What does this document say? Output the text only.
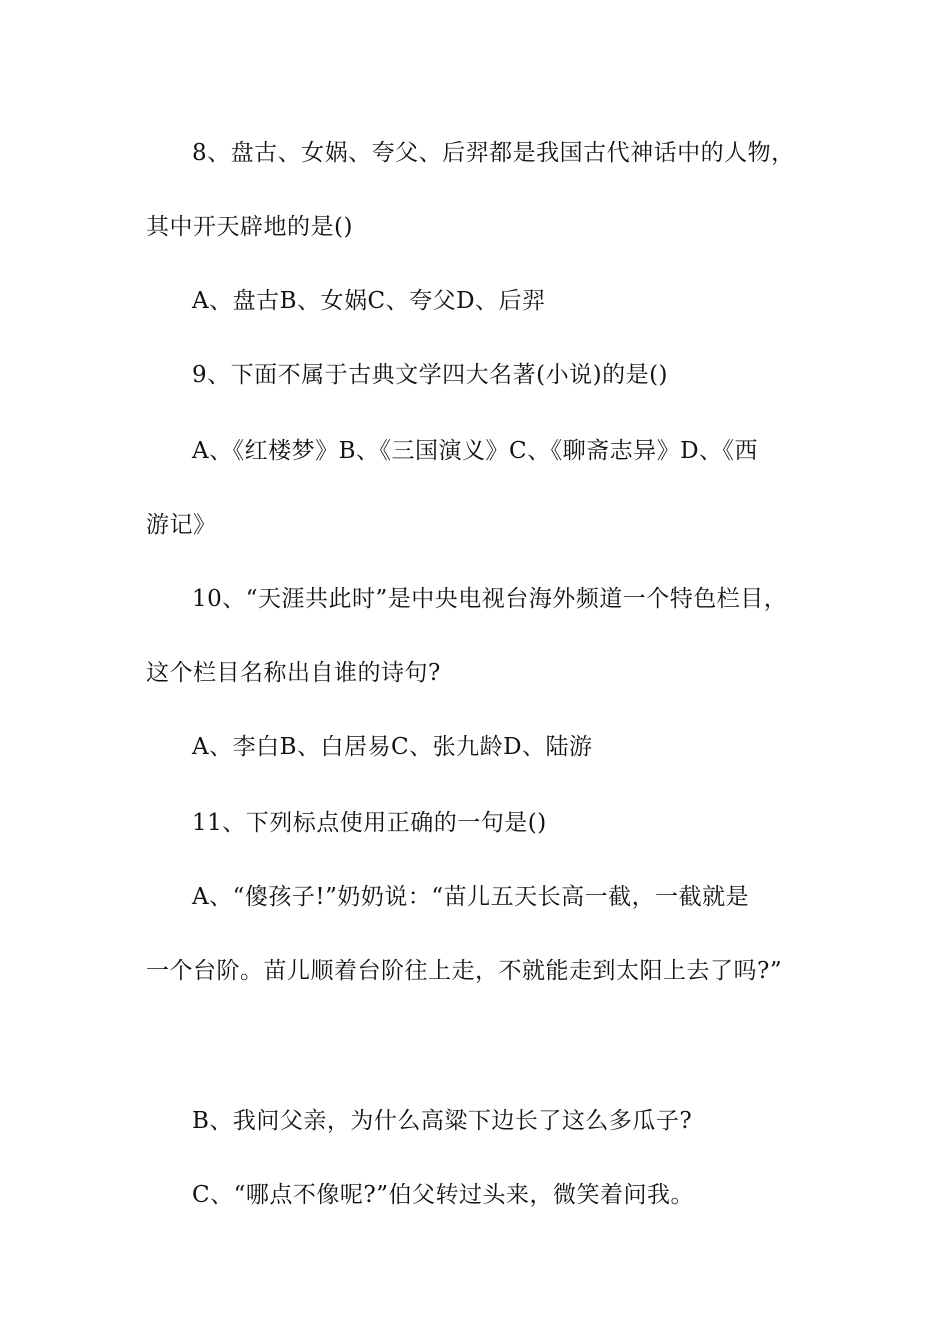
8、盘古、女娲、夸父、后羿都是我国古代神话中的人物，
其中开天辟地的是()
A、盘古B、女娲C、夸父D、后羿
9、下面不属于古典文学四大名著(小说)的是()
A、《红楼梦》B、《三国演义》C、《聊斋志异》D、《西
游记》
10、“天涯共此时”是中央电视台海外频道一个特色栏目，
这个栏目名称出自谁的诗句?
A、李白B、白居易C、张九龄D、陆游
11、下列标点使用正确的一句是()
A、“傻孩子!”奶奶说：“苗儿五天长高一截，一截就是
一个台阶。苗儿顺着台阶往上走，不就能走到太阳上去了吗?”
B、我问父亲，为什么高粱下边长了这么多瓜子?
C、“哪点不像呢?”伯父转过头来，微笑着问我。
